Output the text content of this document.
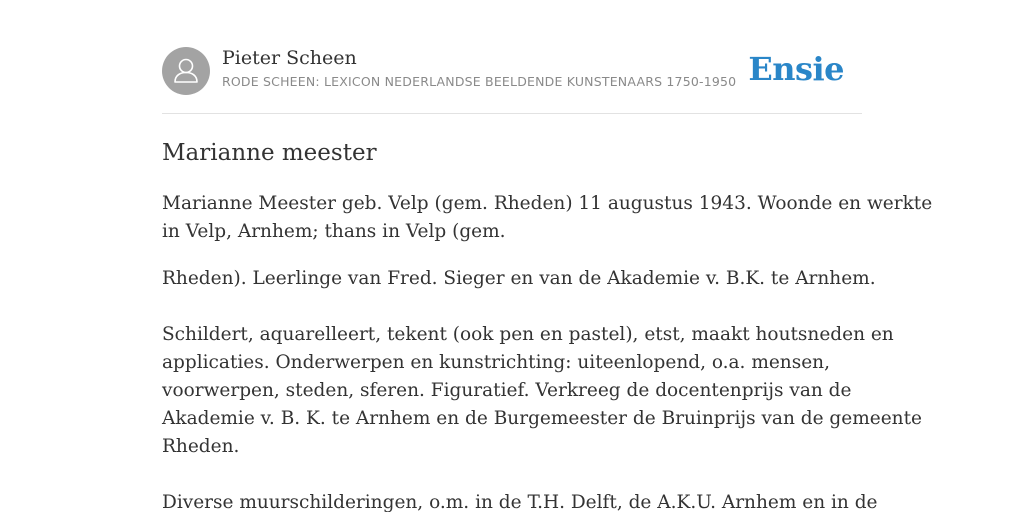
Pieter Scheen
RODE SCHEEN: LEXICON NEDERLANDSE BEELDENDE KUNSTENAARS 1750-1950 Ensie
Marianne meester

Marianne Meester geb. Velp (gem. Rheden) 11 augustus 1943. Woonde en werkte
in Velp, Arnhem; thans in Velp (gem.

Rheden). Leerlinge van Fred. Sieger en van de Akademie v. B.K. te Arnhem.

Schildert, aquarelleert, tekent (ook pen en pastel), etst, maakt houtsneden en
applicaties. Onderwerpen en kunstrichting: uiteenlopend, o.a. mensen,
voorwerpen, steden, sferen. Figuratief. Verkreeg de docentenprijs van de
Akademie v. B. K. te Arnhem en de Burgemeester de Bruinprijs van de gemeente
Rheden.

Diverse muurschilderingen, o.m. in de T.H. Delft, de A.K.U. Arnhem en in de
